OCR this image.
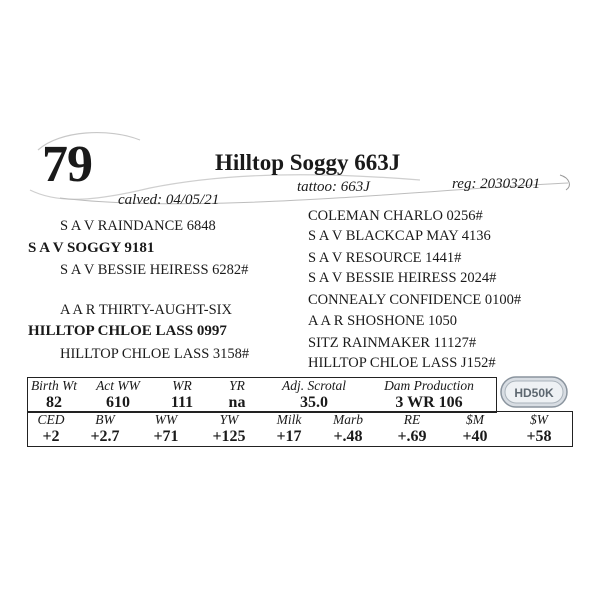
79	Hilltop Soggy 663J
tattoo: 663J	reg: 20303201
calved: 04/05/21
S A V RAINDANCE 6848
S A V SOGGY 9181
S A V BESSIE HEIRESS 6282#
A A R THIRTY-AUGHT-SIX
HILLTOP CHLOE LASS 0997
HILLTOP CHLOE LASS 3158#
COLEMAN CHARLO 0256#
S A V BLACKCAP MAY 4136
S A V RESOURCE 1441#
S A V BESSIE HEIRESS 2024#
CONNEALY CONFIDENCE 0100#
A A R SHOSHONE 1050
SITZ RAINMAKER 11127#
HILLTOP CHLOE LASS J152#
Birth Wt	Act WW	WR	YR	Adj. Scrotal	Dam Production
82	610	111	na	35.0	3 WR 106
HD50K
CED	BW	WW	YW	Milk	Marb	RE	$M	$W
+2	+2.7	+71	+125	+17	+.48	+.69	+40	+58
